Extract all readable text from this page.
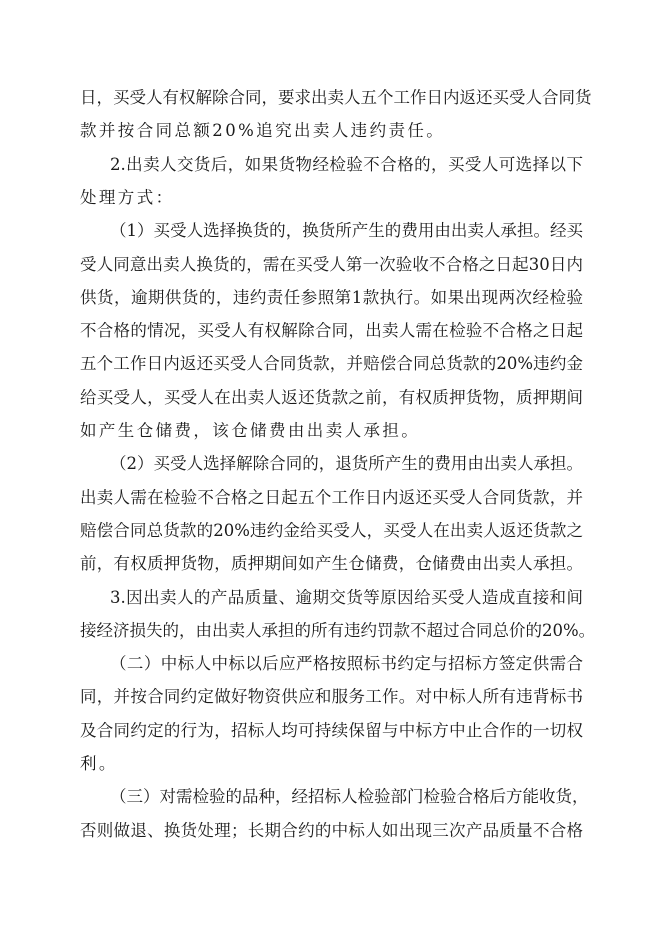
日，买受人有权解除合同，要求出卖人五个工作日内返还买受人合同货
款并按合同总额20%追究出卖人违约责任。
2.出卖人交货后，如果货物经检验不合格的，买受人可选择以下
处理方式：
（1）买受人选择换货的，换货所产生的费用由出卖人承担。经买
受人同意出卖人换货的，需在买受人第一次验收不合格之日起30日内
供货，逾期供货的，违约责任参照第1款执行。如果出现两次经检验
不合格的情况，买受人有权解除合同，出卖人需在检验不合格之日起
五个工作日内返还买受人合同货款，并赔偿合同总货款的20%违约金
给买受人，买受人在出卖人返还货款之前，有权质押货物，质押期间
如产生仓储费，该仓储费由出卖人承担。
（2）买受人选择解除合同的，退货所产生的费用由出卖人承担。
出卖人需在检验不合格之日起五个工作日内返还买受人合同货款，并
赔偿合同总货款的20%违约金给买受人，买受人在出卖人返还货款之
前，有权质押货物，质押期间如产生仓储费，仓储费由出卖人承担。
3.因出卖人的产品质量、逾期交货等原因给买受人造成直接和间
接经济损失的，由出卖人承担的所有违约罚款不超过合同总价的20%。
（二）中标人中标以后应严格按照标书约定与招标方签定供需合
同，并按合同约定做好物资供应和服务工作。对中标人所有违背标书
及合同约定的行为，招标人均可持续保留与中标方中止合作的一切权
利。
（三）对需检验的品种，经招标人检验部门检验合格后方能收货，
否则做退、换货处理；长期合约的中标人如出现三次产品质量不合格
